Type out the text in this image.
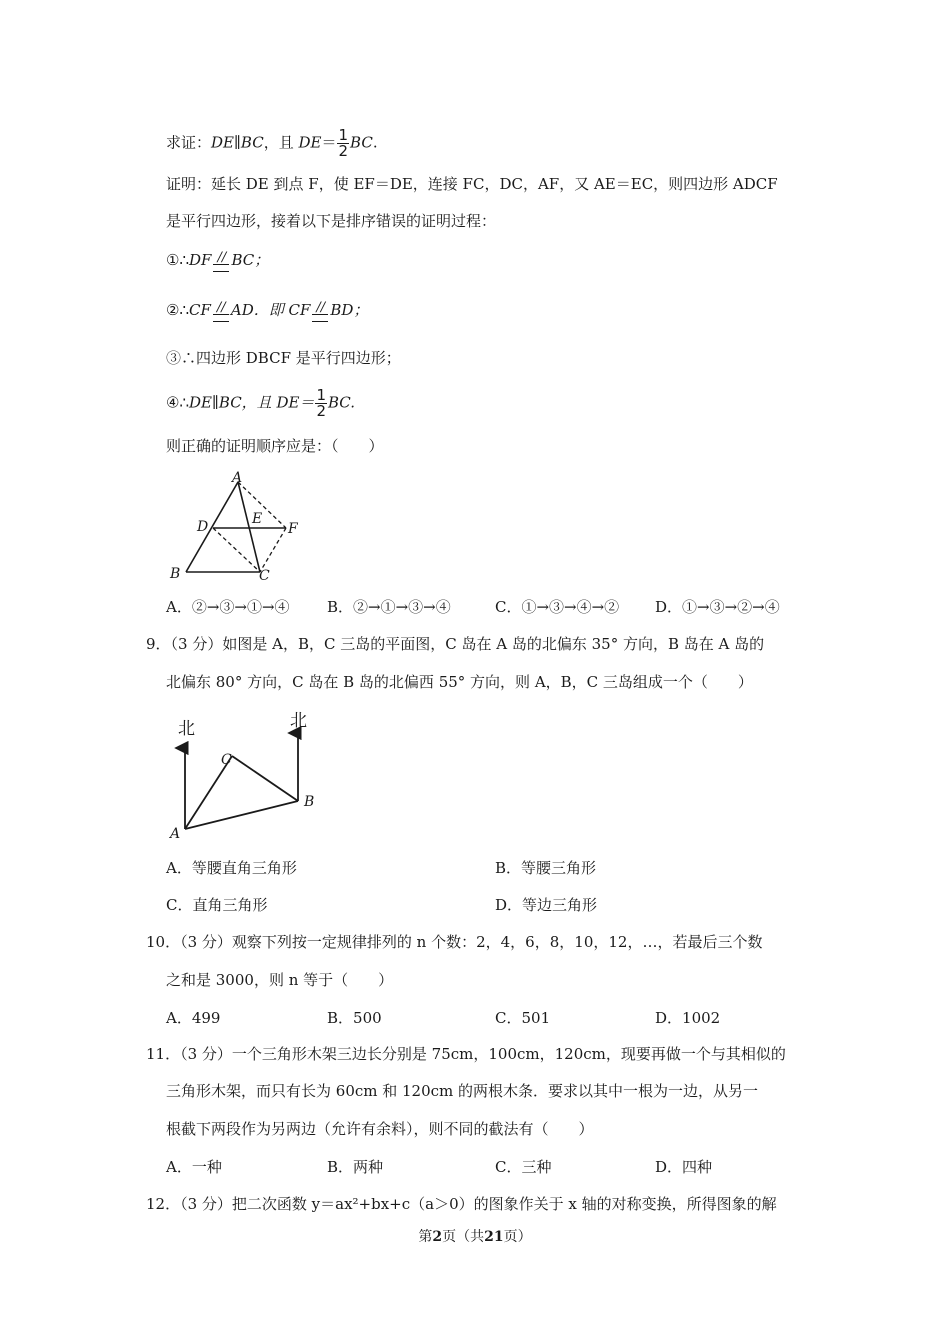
求证：DE∥BC，且 $DE= \frac{1}{2}$ BC.
证明：延长 DE 到点 F，使 EF＝DE，连接 FC，DC，AF，又 AE＝EC，则四边形 ADCF
是平行四边形，接着以下是排序错误的证明过程：
①∴DF // BC；
②∴CF // AD．即 CF // BD；
③∴四边形 DBCF 是平行四边形；
④∴DE∥BC，且 $DE= \frac{1}{2}$ BC.
则正确的证明顺序应是：（　　）
A
B	C
D	E
F
A．②→③→①→④ B．②→①→③→④	C．①→③→④→② D．①→③→②→④
9．（3 分）如图是 A，B，C 三岛的平面图，C 岛在 A 岛的北偏东 35° 方向，B 岛在 A 岛的
北偏东 80° 方向，C 岛在 B 岛的北偏西 55° 方向，则 A，B，C 三岛组成一个（　　）
北	北
A
B
C
A．等腰直角三角形	B．等腰三角形
C．直角三角形	D．等边三角形
10．（3 分）观察下列按一定规律排列的 n 个数：2，4，6，8，10，12，…，若最后三个数
之和是 3000，则 n 等于（　　）
A．499	B．500	C．501	D．1002
11．（3 分）一个三角形木架三边长分别是 75cm，100cm，120cm，现要再做一个与其相似的
三角形木架，而只有长为 60cm 和 120cm 的两根木条．要求以其中一根为一边，从另一
根截下两段作为另两边（允许有余料），则不同的截法有（　　）
A．一种	B．两种	C．三种	D．四种
12．（3 分）把二次函数 y＝ax²+bx+c（a＞0）的图象作关于 x 轴的对称变换，所得图象的解
第2页（共21页）
